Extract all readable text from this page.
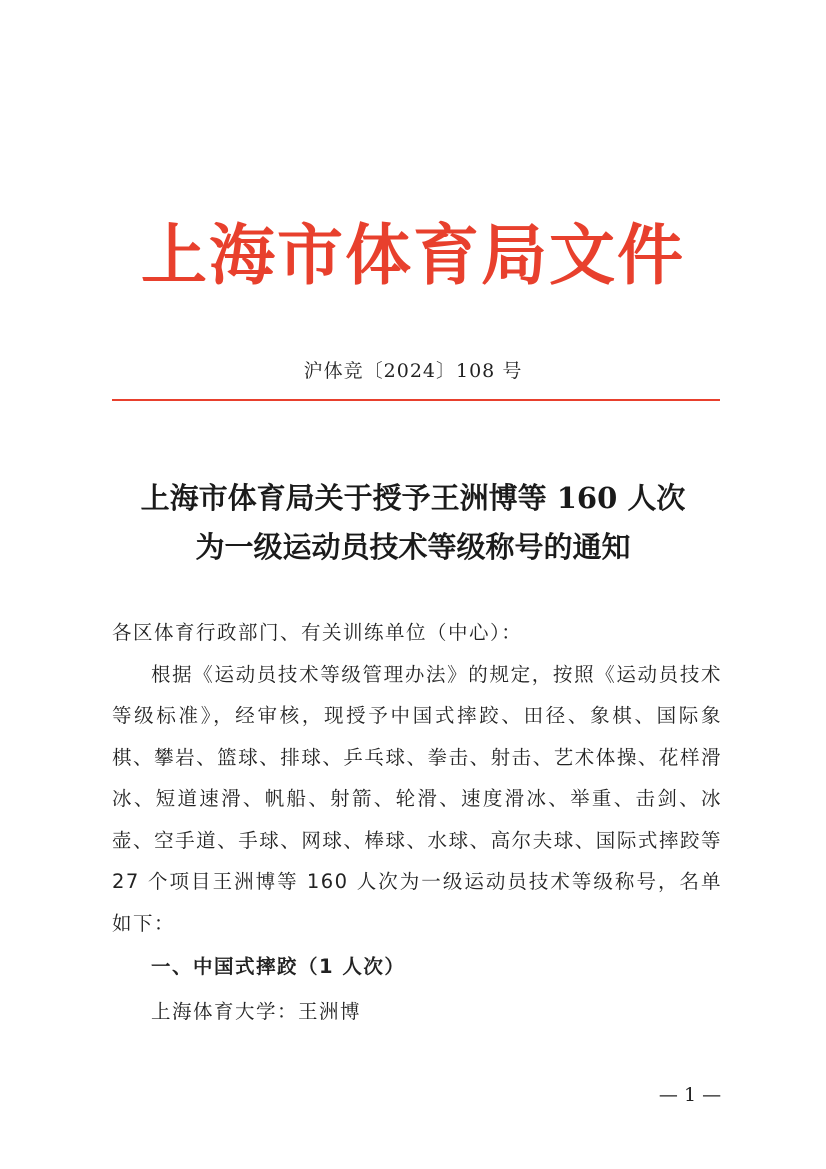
上海市体育局文件
沪体竞〔2024〕108 号
上海市体育局关于授予王洲博等 160 人次
为一级运动员技术等级称号的通知
各区体育行政部门、有关训练单位（中心）：
根据《运动员技术等级管理办法》的规定，按照《运动员技术等级标准》，经审核，现授予中国式摔跤、田径、象棋、国际象棋、攀岩、篮球、排球、乒乓球、拳击、射击、艺术体操、花样滑冰、短道速滑、帆船、射箭、轮滑、速度滑冰、举重、击剑、冰壶、空手道、手球、网球、棒球、水球、高尔夫球、国际式摔跤等 27 个项目王洲博等 160 人次为一级运动员技术等级称号，名单如下：
一、中国式摔跤（1 人次）
上海体育大学：王洲博
— 1 —
